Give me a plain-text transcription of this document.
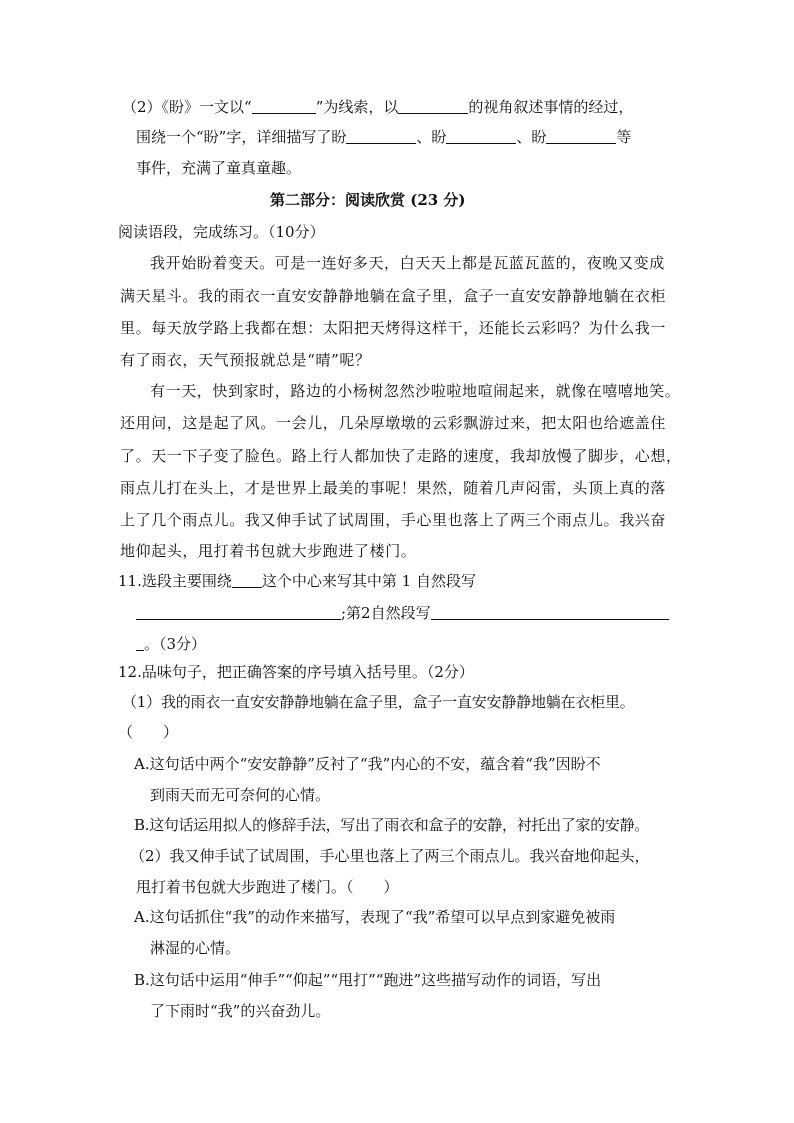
（2）《盼》一文以“	”为线索，以	的视角叙述事情的经过，
围绕一个“盼”字，详细描写了盼	、盼	、盼	等
事件，充满了童真童趣。
第二部分：阅读欣赏 (23 分)
阅读语段，完成练习。（10分）
我开始盼着变天。可是一连好多天，白天天上都是瓦蓝瓦蓝的，夜晚又变成
满天星斗。我的雨衣一直安安静静地躺在盒子里，盒子一直安安静静地躺在衣柜
里。每天放学路上我都在想：太阳把天烤得这样干，还能长云彩吗？为什么我一
有了雨衣，天气预报就总是“晴”呢？
有一天，快到家时，路边的小杨树忽然沙啦啦地喧闹起来，就像在嘻嘻地笑。
还用问，这是起了风。一会儿，几朵厚墩墩的云彩飘游过来，把太阳也给遮盖住
了。天一下子变了脸色。路上行人都加快了走路的速度，我却放慢了脚步，心想，
雨点儿打在头上，才是世界上最美的事呢！果然，随着几声闷雷，头顶上真的落
上了几个雨点儿。我又伸手试了试周围，手心里也落上了两三个雨点儿。我兴奋
地仰起头，甩打着书包就大步跑进了楼门。
11.选段主要围绕 这个中心来写其中第 1 自然段写
;第2自然段写
。（3分）
12.品味句子，把正确答案的序号填入括号里。（2分）
（1）我的雨衣一直安安静静地躺在盒子里，盒子一直安安静静地躺在衣柜里。
（　　）
A.这句话中两个“安安静静”反衬了“我”内心的不安，蕴含着“我”因盼不
到雨天而无可奈何的心情。
B.这句话运用拟人的修辞手法，写出了雨衣和盒子的安静，衬托出了家的安静。
（2）我又伸手试了试周围，手心里也落上了两三个雨点儿。我兴奋地仰起头，
甩打着书包就大步跑进了楼门。（　　）
A.这句话抓住“我”的动作来描写，表现了“我”希望可以早点到家避免被雨
淋湿的心情。
B.这句话中运用“伸手”“仰起”“甩打”“跑进”这些描写动作的词语，写出
了下雨时“我”的兴奋劲儿。
